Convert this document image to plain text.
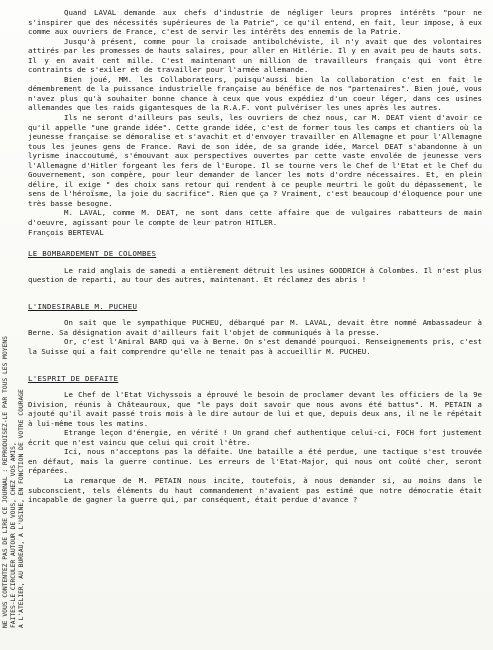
NE VOUS CONTENTEZ PAS DE LIRE CE JOURNAL : REPRODUISEZ-LE PAR TOUS LES MOYENS FAITES-LE CIRCULER AUTOUR DE VOUS, CHEZ VOS AMIS, A L'ATELIER, AU BUREAU, A L'USINE, EN FONCTION DE VOTRE COURAGE

Quand LAVAL demande aux chefs d'industrie de négliger leurs propres intérêts "pour ne s'inspirer que des nécessités supérieures de la Patrie", ce qu'il entend, en fait, leur impose, à eux comme aux ouvriers de France, c'est de servir les intérêts des ennemis de la Patrie.

Jusqu'à présent, comme pour la croisade antibolchéviste, il n'y avait que des volontaires attirés par les promesses de hauts salaires, pour aller en Hitlérie. Il y en avait peu de hauts sots. Il y en avait cent mille. C'est maintenant un million de travailleurs français qui vont être contraints de s'exiler et de travailler pour l'armée allemande.

Bien joué, MM. les Collaborateurs, puisqu'aussi bien la collaboration c'est en fait le démembrement de la puissance industrielle française au bénéfice de nos "partenaires". Bien joué, vous n'avez plus qu'à souhaiter bonne chance à ceux que vous expédiez d'un coeur léger, dans ces usines allemandes que les raids gigantesques de la R.A.F. vont pulvériser les unes après les autres.

Ils ne seront d'ailleurs pas seuls, les ouvriers de chez nous, car M. DEAT vient d'avoir ce qu'il appelle "une grande idée". Cette grande idée, c'est de former tous les camps et chantiers où la jeunesse française se démoralise et s'avachit et d'envoyer travailler en Allemagne et pour l'Allemagne tous les jeunes gens de France. Ravi de son idée, de sa grande idée, Marcel DEAT s'abandonne à un lyrisme inaccoutumé, s'émouvant aux perspectives ouvertes par cette vaste envolée de jeunesse vers l'Allemagne d'Hitler forgeant les fers de l'Europe. Il se tourne vers le Chef de l'Etat et le Chef du Gouvernement, son compère, pour leur demander de lancer les mots d'ordre nécessaires. Et, en plein délire, il exige " des choix sans retour qui rendent à ce peuple meurtri le goût du dépassement, le sens de l'héroïsme, la joie du sacrifice". Rien que ça ? Vraiment, c'est beaucoup d'éloquence pour une très basse besogne.

M. LAVAL, comme M. DEAT, ne sont dans cette affaire que de vulgaires rabatteurs de main d'oeuvre, agissant pour le compte de leur patron HITLER.

François BERTEVAL

LE BOMBARDEMENT DE COLOMBES

Le raid anglais de samedi a entièrement détruit les usines GOODRICH à Colombes. Il n'est plus question de reparti, au tour des autres, maintenant. Et réclamez des abris !

L'INDESIRABLE M. PUCHEU

On sait que le sympathique PUCHEU, débarqué par M. LAVAL, devait être nommé Ambassadeur à Berne. Sa désignation avait d'ailleurs fait l'objet de communiqués à la presse.

Or, c'est l'Amiral BARD qui va à Berne. On s'est demandé pourquoi. Renseignements pris, c'est la Suisse qui a fait comprendre qu'elle ne tenait pas à accueillir M. PUCHEU.

L'ESPRIT DE DEFAITE

Le Chef de l'Etat Vichyssois a éprouvé le besoin de proclamer devant les officiers de la 9e Division, réunis à Châteauroux, que "le pays doit savoir que nous avons été battus". M. PETAIN a ajouté qu'il avait passé trois mois à le dire autour de lui et que, depuis deux ans, il ne le répétait à lui-même tous les matins.

Etrange leçon d'énergie, en vérité ! Un grand chef authentique celui-ci, FOCH fort justement écrit que n'est vaincu que celui qui croit l'être.

Ici, nous n'acceptons pas la défaite. Une bataille a été perdue, une tactique s'est trouvée en défaut, mais la guerre continue. Les erreurs de l'Etat-Major, qui nous ont coûté cher, seront réparées.

La remarque de M. PETAIN nous incite, toutefois, à nous demander si, au moins dans le subconscient, tels éléments du haut commandement n'avaient pas estimé que notre démocratie était incapable de gagner la guerre qui, par conséquent, était perdue d'avance ?
